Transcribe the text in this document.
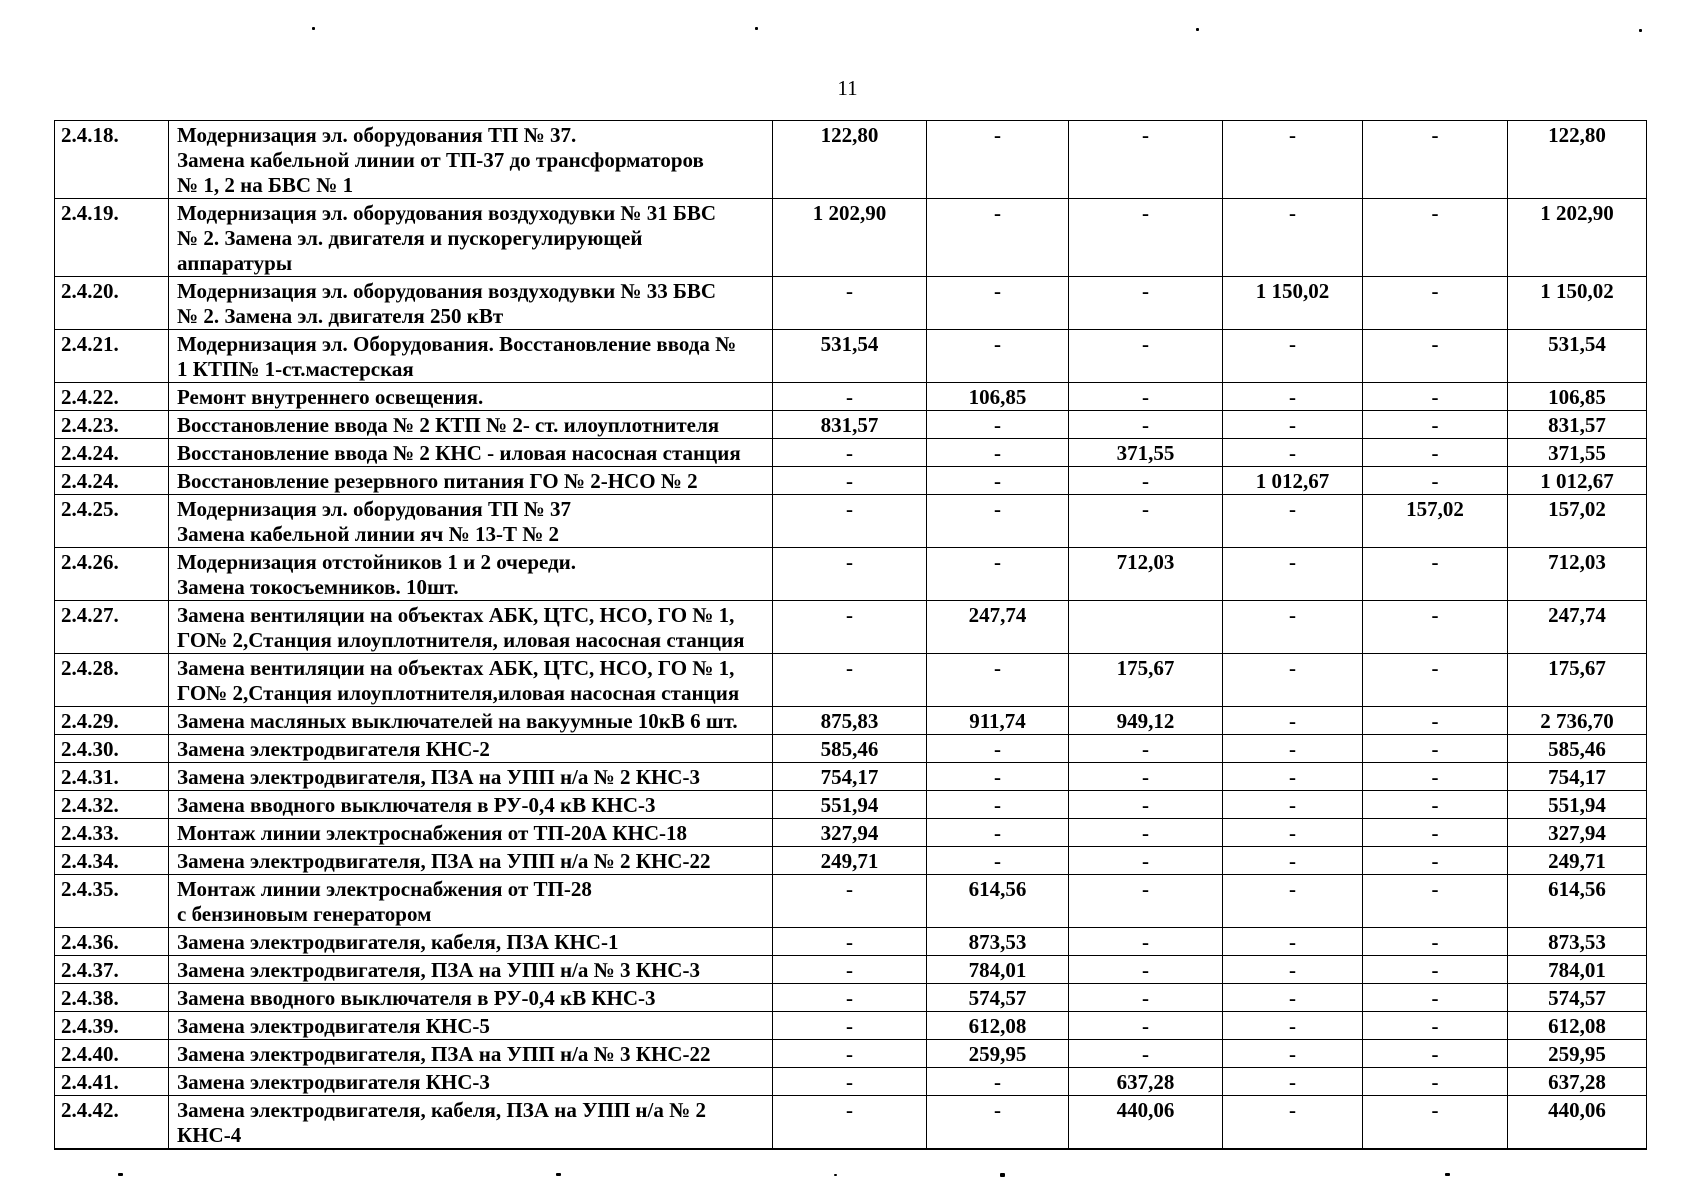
11
2.4.18.	Модернизация эл. оборудования ТП № 37.
Замена кабельной линии от ТП-37 до трансформаторов
№ 1, 2 на БВС № 1	122,80	-	-	-	-	122,80
2.4.19.	Модернизация эл. оборудования воздуходувки № 31 БВС
№ 2. Замена эл. двигателя и пускорегулирующей
аппаратуры	1 202,90	-	-	-	-	1 202,90
2.4.20.	Модернизация эл. оборудования воздуходувки № 33 БВС
№ 2. Замена эл. двигателя 250 кВт	-	-	-	1 150,02	-	1 150,02
2.4.21.	Модернизация эл. Оборудования. Восстановление ввода №
1 КТП№ 1-ст.мастерская	531,54	-	-	-	-	531,54
2.4.22.	Ремонт внутреннего освещения.	-	106,85	-	-	-	106,85
2.4.23.	Восстановление ввода № 2 КТП № 2- ст. илоуплотнителя	831,57	-	-	-	-	831,57
2.4.24.	Восстановление ввода № 2 КНС - иловая насосная станция	-	-	371,55	-	-	371,55
2.4.24.	Восстановление резервного питания ГО № 2-НСО № 2	-	-	-	1 012,67	-	1 012,67
2.4.25.	Модернизация эл. оборудования ТП № 37
Замена кабельной линии яч № 13-Т № 2	-	-	-	-	157,02	157,02
2.4.26.	Модернизация отстойников 1 и 2 очереди.
Замена токосъемников. 10шт.	-	-	712,03	-	-	712,03
2.4.27.	Замена вентиляции на объектах АБК, ЦТС, НСО, ГО № 1,
ГО№ 2,Станция илоуплотнителя, иловая насосная станция	-	247,74		-	-	247,74
2.4.28.	Замена вентиляции на объектах АБК, ЦТС, НСО, ГО № 1,
ГО№ 2,Станция илоуплотнителя,иловая насосная станция	-	-	175,67	-	-	175,67
2.4.29.	Замена масляных выключателей на вакуумные 10кВ 6 шт.	875,83	911,74	949,12	-	-	2 736,70
2.4.30.	Замена электродвигателя КНС-2	585,46	-	-	-	-	585,46
2.4.31.	Замена электродвигателя, ПЗА на УПП н/а № 2 КНС-3	754,17	-	-	-	-	754,17
2.4.32.	Замена вводного выключателя в РУ-0,4 кВ КНС-3	551,94	-	-	-	-	551,94
2.4.33.	Монтаж линии электроснабжения от ТП-20А КНС-18	327,94	-	-	-	-	327,94
2.4.34.	Замена электродвигателя, ПЗА на УПП н/а № 2 КНС-22	249,71	-	-	-	-	249,71
2.4.35.	Монтаж линии электроснабжения от ТП-28
с бензиновым генератором	-	614,56	-	-	-	614,56
2.4.36.	Замена электродвигателя, кабеля, ПЗА КНС-1	-	873,53	-	-	-	873,53
2.4.37.	Замена электродвигателя, ПЗА на УПП н/а № 3 КНС-3	-	784,01	-	-	-	784,01
2.4.38.	Замена вводного выключателя в РУ-0,4 кВ КНС-3	-	574,57	-	-	-	574,57
2.4.39.	Замена электродвигателя КНС-5	-	612,08	-	-	-	612,08
2.4.40.	Замена электродвигателя, ПЗА на УПП н/а № 3 КНС-22	-	259,95	-	-	-	259,95
2.4.41.	Замена электродвигателя КНС-3	-	-	637,28	-	-	637,28
2.4.42.	Замена электродвигателя, кабеля, ПЗА на УПП н/а № 2
КНС-4	-	-	440,06	-	-	440,06
